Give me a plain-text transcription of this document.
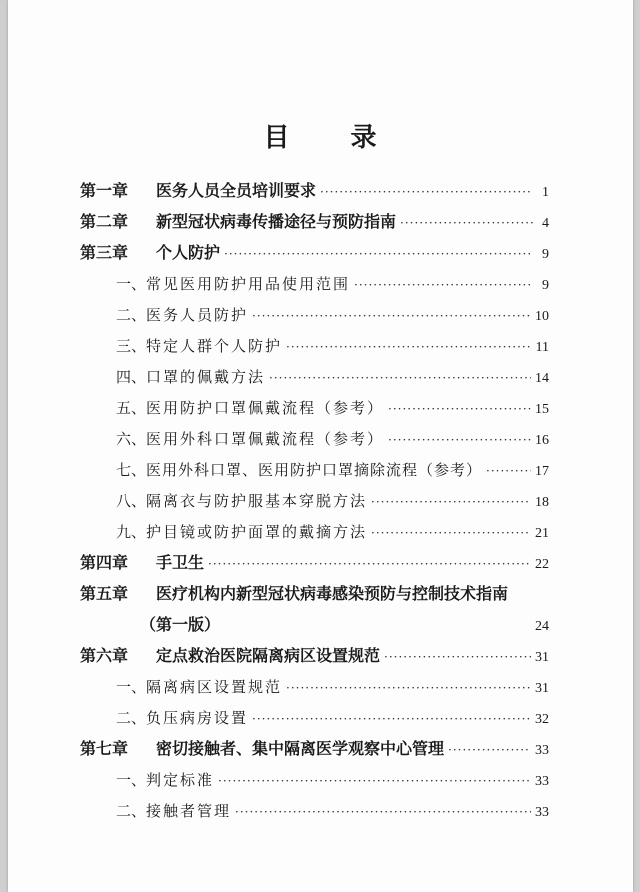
目 录
第一章	医务人员全员培训要求 ·····	1
第二章	新型冠状病毒传播途径与预防指南 ·····	4
第三章	个人防护 ·····	9
一、 常见医用防护用品使用范围 ·····	9
二、 医务人员防护 ·····	10
三、 特定人群个人防护 ·····	11
四、 口罩的佩戴方法 ·····	14
五、 医用防护口罩佩戴流程（参考） ·····	15
六、 医用外科口罩佩戴流程（参考） ·····	16
七、 医用外科口罩、医用防护口罩摘除流程（参考） ·····	17
八、 隔离衣与防护服基本穿脱方法 ·····	18
九、 护目镜或防护面罩的戴摘方法 ·····	21
第四章	手卫生 ·····	22
第五章	医疗机构内新型冠状病毒感染预防与控制技术指南
（第一版）	24
第六章	定点救治医院隔离病区设置规范 ·····	31
一、 隔离病区设置规范 ·····	31
二、 负压病房设置 ·····	32
第七章	密切接触者、集中隔离医学观察中心管理 ·····	33
一、 判定标准 ·····	33
二、 接触者管理 ·····	33
